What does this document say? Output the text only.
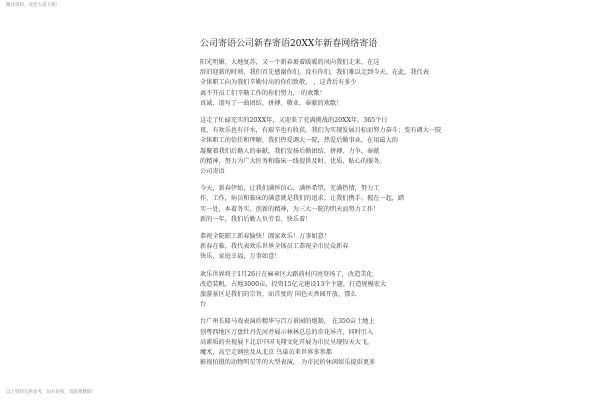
精品资料，欢迎大家下载！
公司寄语公司新春寄语20XX年新春网络寄语

阳光明媚，大地复苏，又一个新春裹着暖暖的风向我们走来。在这

辞旧迎新的时刻，我们首先感谢你们，没有你们，我们难以走到今天。在此，我代表

全体职工向为我们辛勤付出的你们致敬， ，这背后有多少

离不开员工们辛勤工作的你们努力， 的欢歌！

真诚，谱写了一曲团结、拼搏、敬业、奉献的欢歌！

这走了忙碌充实的20XX年，又迎来了充满挑战的20XX年。365个日

夜，有欢乐也有汗水，有艰辛也有收获。我们为实现发展目标而努力奋斗；变有调大一院

全体职工的信任和理解，我们热爱调大一院，热爱后勤事业，在用最大的

凝聚着我们后勤人的奉献，我们发扬后勤团结、拼搏、力争、奉献

的精神，努力为广大医务和临床一线提供及时、优质、贴心的服务。

公司寄语

今天，新春伊始，让我们满怀信心，满怀希望，充满热情，努力工

作，工作，病员和临床的满意就是我们的追求。让我们携手，握在一起，踏

实一处，本着务实、创新的精神，为三大一院的明天而努力工作！

新的一年，我们后勤人负劳看，快乐着！

恭祝全院职工新春愉快！阖家欢乐！万事如意！

新春在临，我代表欢乐世界全体员工恭祝全市民众新春

快乐，家庭幸福，万事如意！

欢乐世界将于1月26日在麻章区大路前村闪亮登场了，改造美化

改造装帆，占地3000亩，投资15亿元建设13个主题，打造规模宏大

旅游景区是我们的宗旨，而首度的 国色天香园开放，那么

台

台广州长隆马戏表演的精华与百万景园的炮制， 在350亩土地上

创粤西地区万盘牡丹先河并展示林林总总的奇花异卉，同时引入

高素质的央视展下北京中国飞翔文化开展为市民呈现惊天大飞，

魔术，高空走钢丝及从北京 鸟巢访来世界多参都

影视拍摄的动物明星等的大型表演， 为市民的休闲娱乐提供更多

以上资料仅供参考，如有侵权，请联系删除！
